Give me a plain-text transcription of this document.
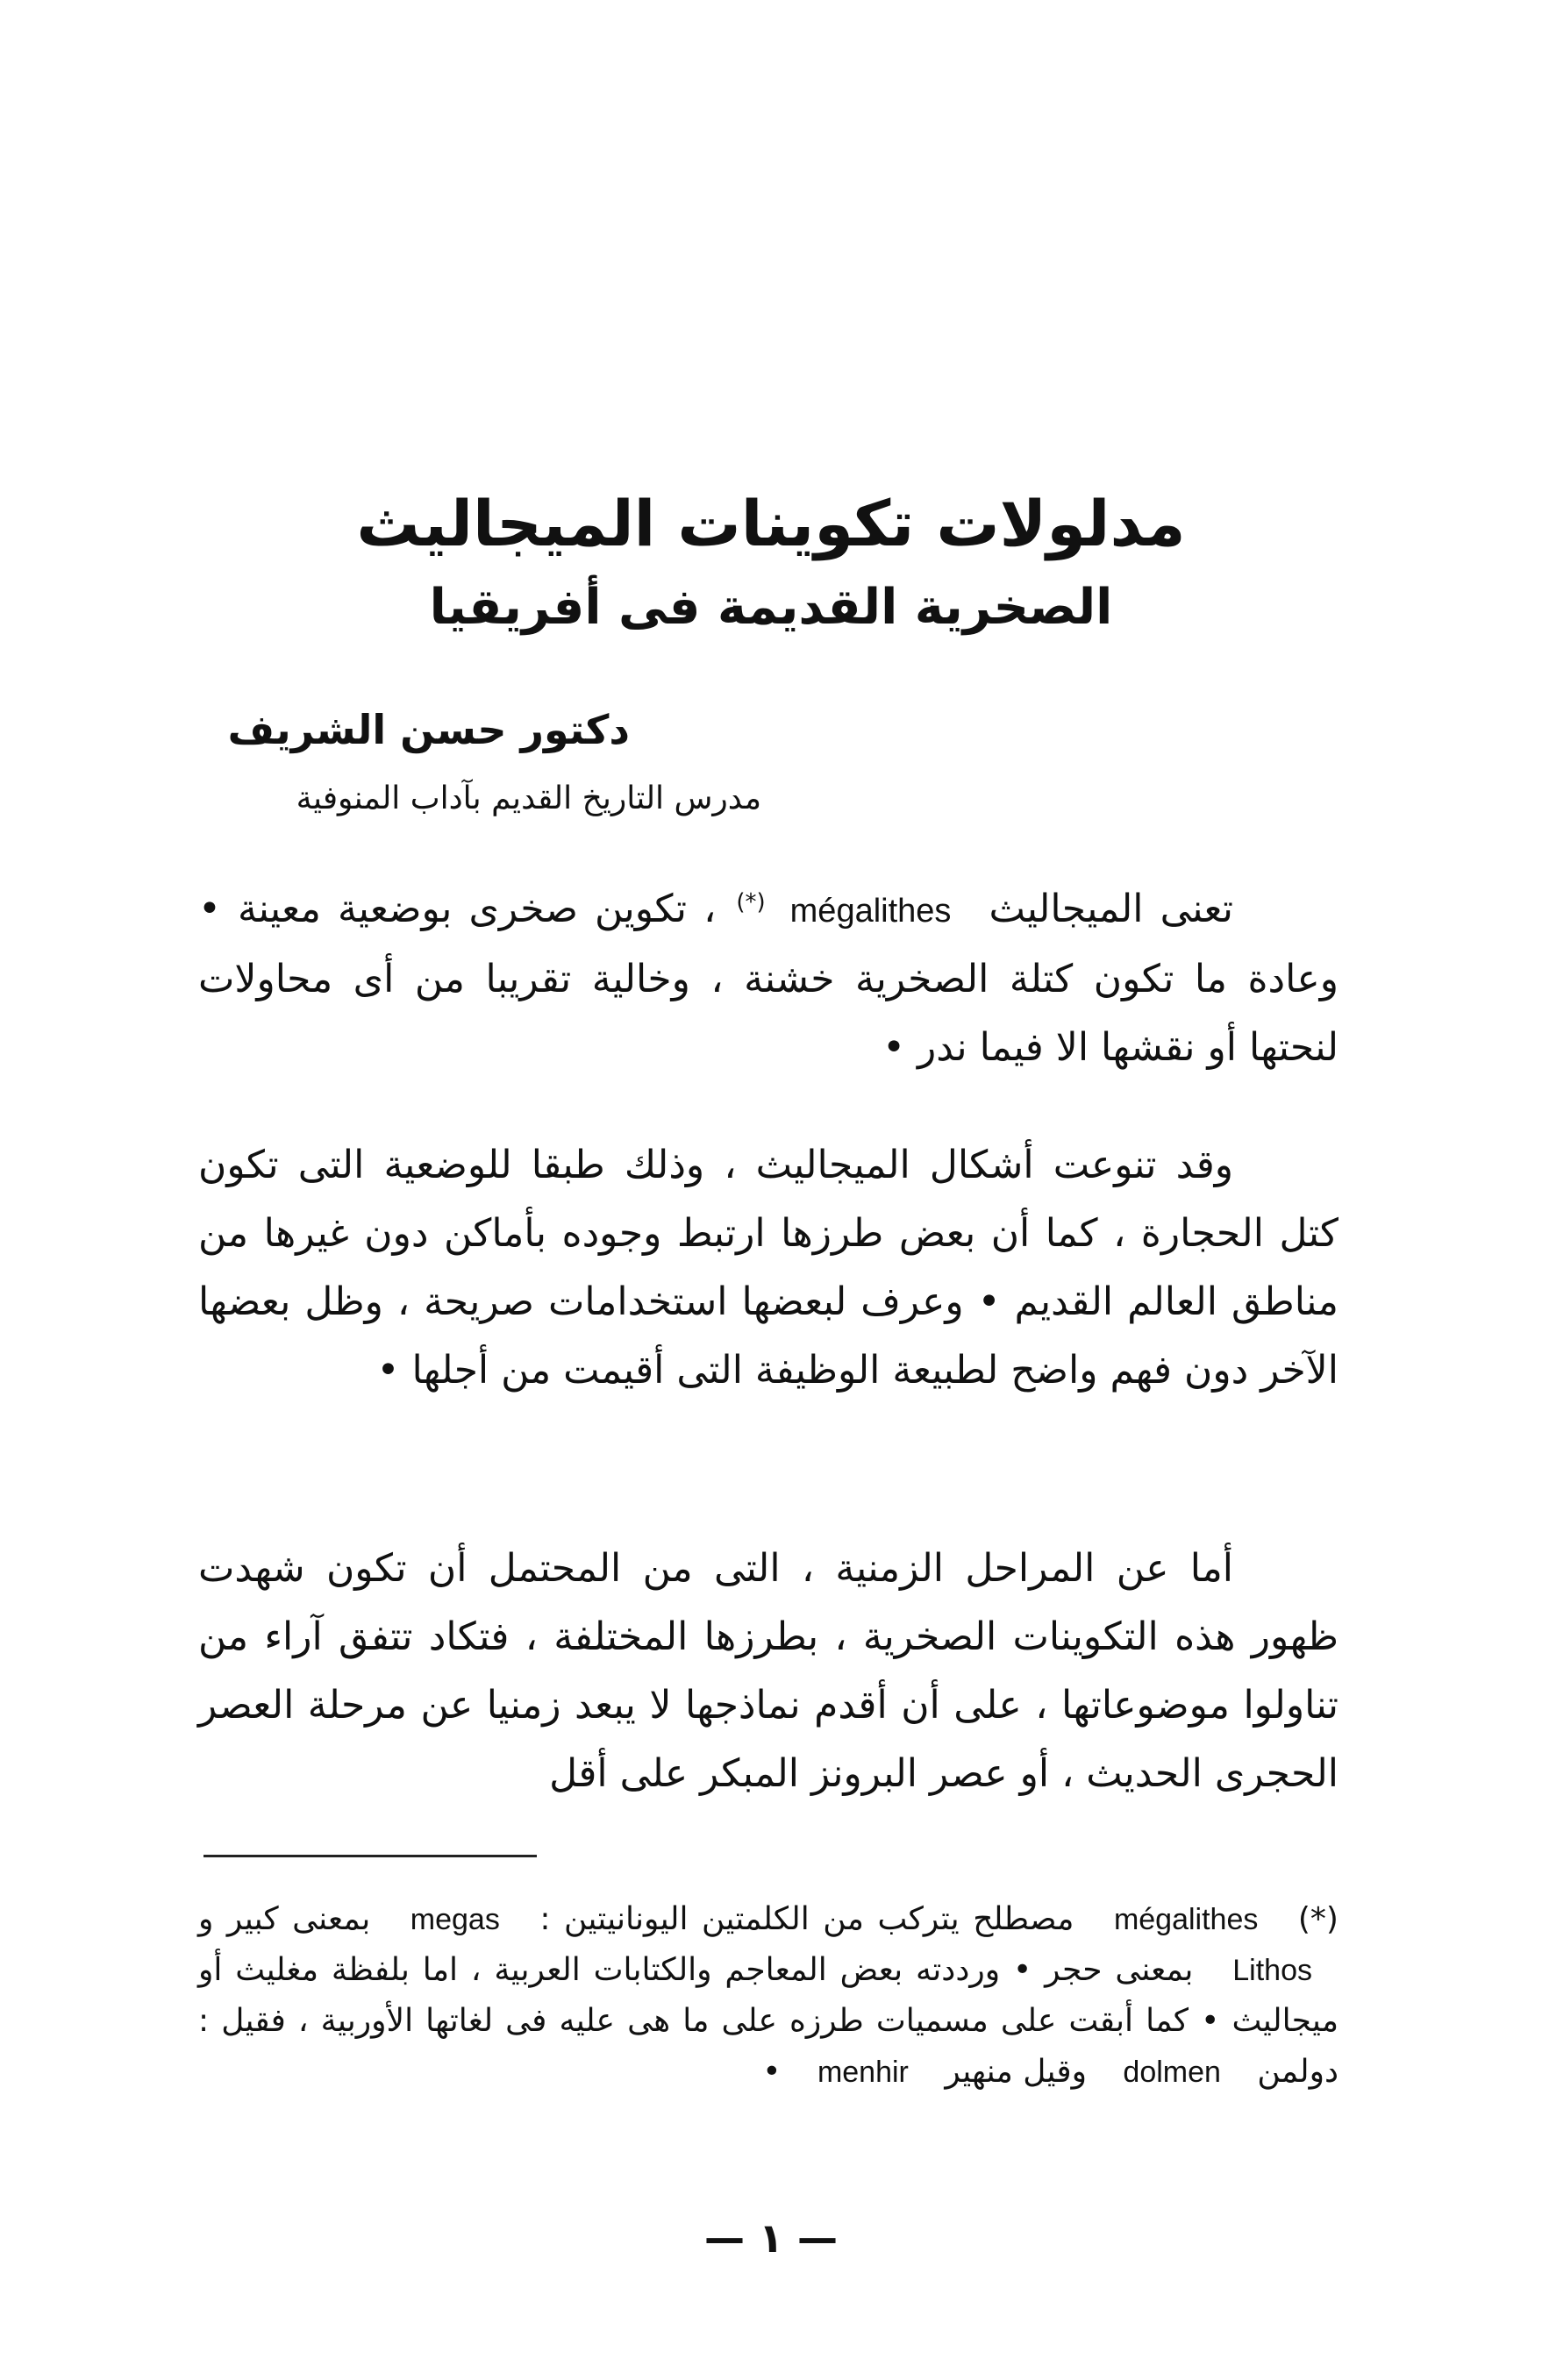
مدلولات تكوينات الميجاليث
الصخرية القديمة فى أفريقيا
دكتور حسن الشريف
مدرس التاريخ القديم بآداب المنوفية

تعنى الميجاليث mégalithes(*) ، تكوين صخرى بوضعية معينة • وعادة ما تكون كتلة الصخرية خشنة ، وخالية تقريبا من أى محاولات لنحتها أو نقشها الا فيما ندر •

وقد تنوعت أشكال الميجاليث ، وذلك طبقا للوضعية التى تكون كتل الحجارة ، كما أن بعض طرزها ارتبط وجوده بأماكن دون غيرها من مناطق العالم القديم • وعرف لبعضها استخدامات صريحة ، وظل بعضها الآخر دون فهم واضح لطبيعة الوظيفة التى أقيمت من أجلها •

أما عن المراحل الزمنية ، التى من المحتمل أن تكون شهدت ظهور هذه التكوينات الصخرية ، بطرزها المختلفة ، فتكاد تتفق آراء من تناولوا موضوعاتها ، على أن أقدم نماذجها لا يبعد زمنيا عن مرحلة العصر الحجرى الحديث ، أو عصر البرونز المبكر على أقل

(*) mégalithes مصطلح يتركب من الكلمتين اليونانيتين : megas بمعنى كبير و Lithos بمعنى حجر • ورددته بعض المعاجم والكتابات العربية ، اما بلفظة مغليث أو ميجاليث • كما أبقت على مسميات طرزه على ما هى عليه فى لغاتها الأوربية ، فقيل : دولمن dolmen وقيل منهير menhir •

— ١ —
